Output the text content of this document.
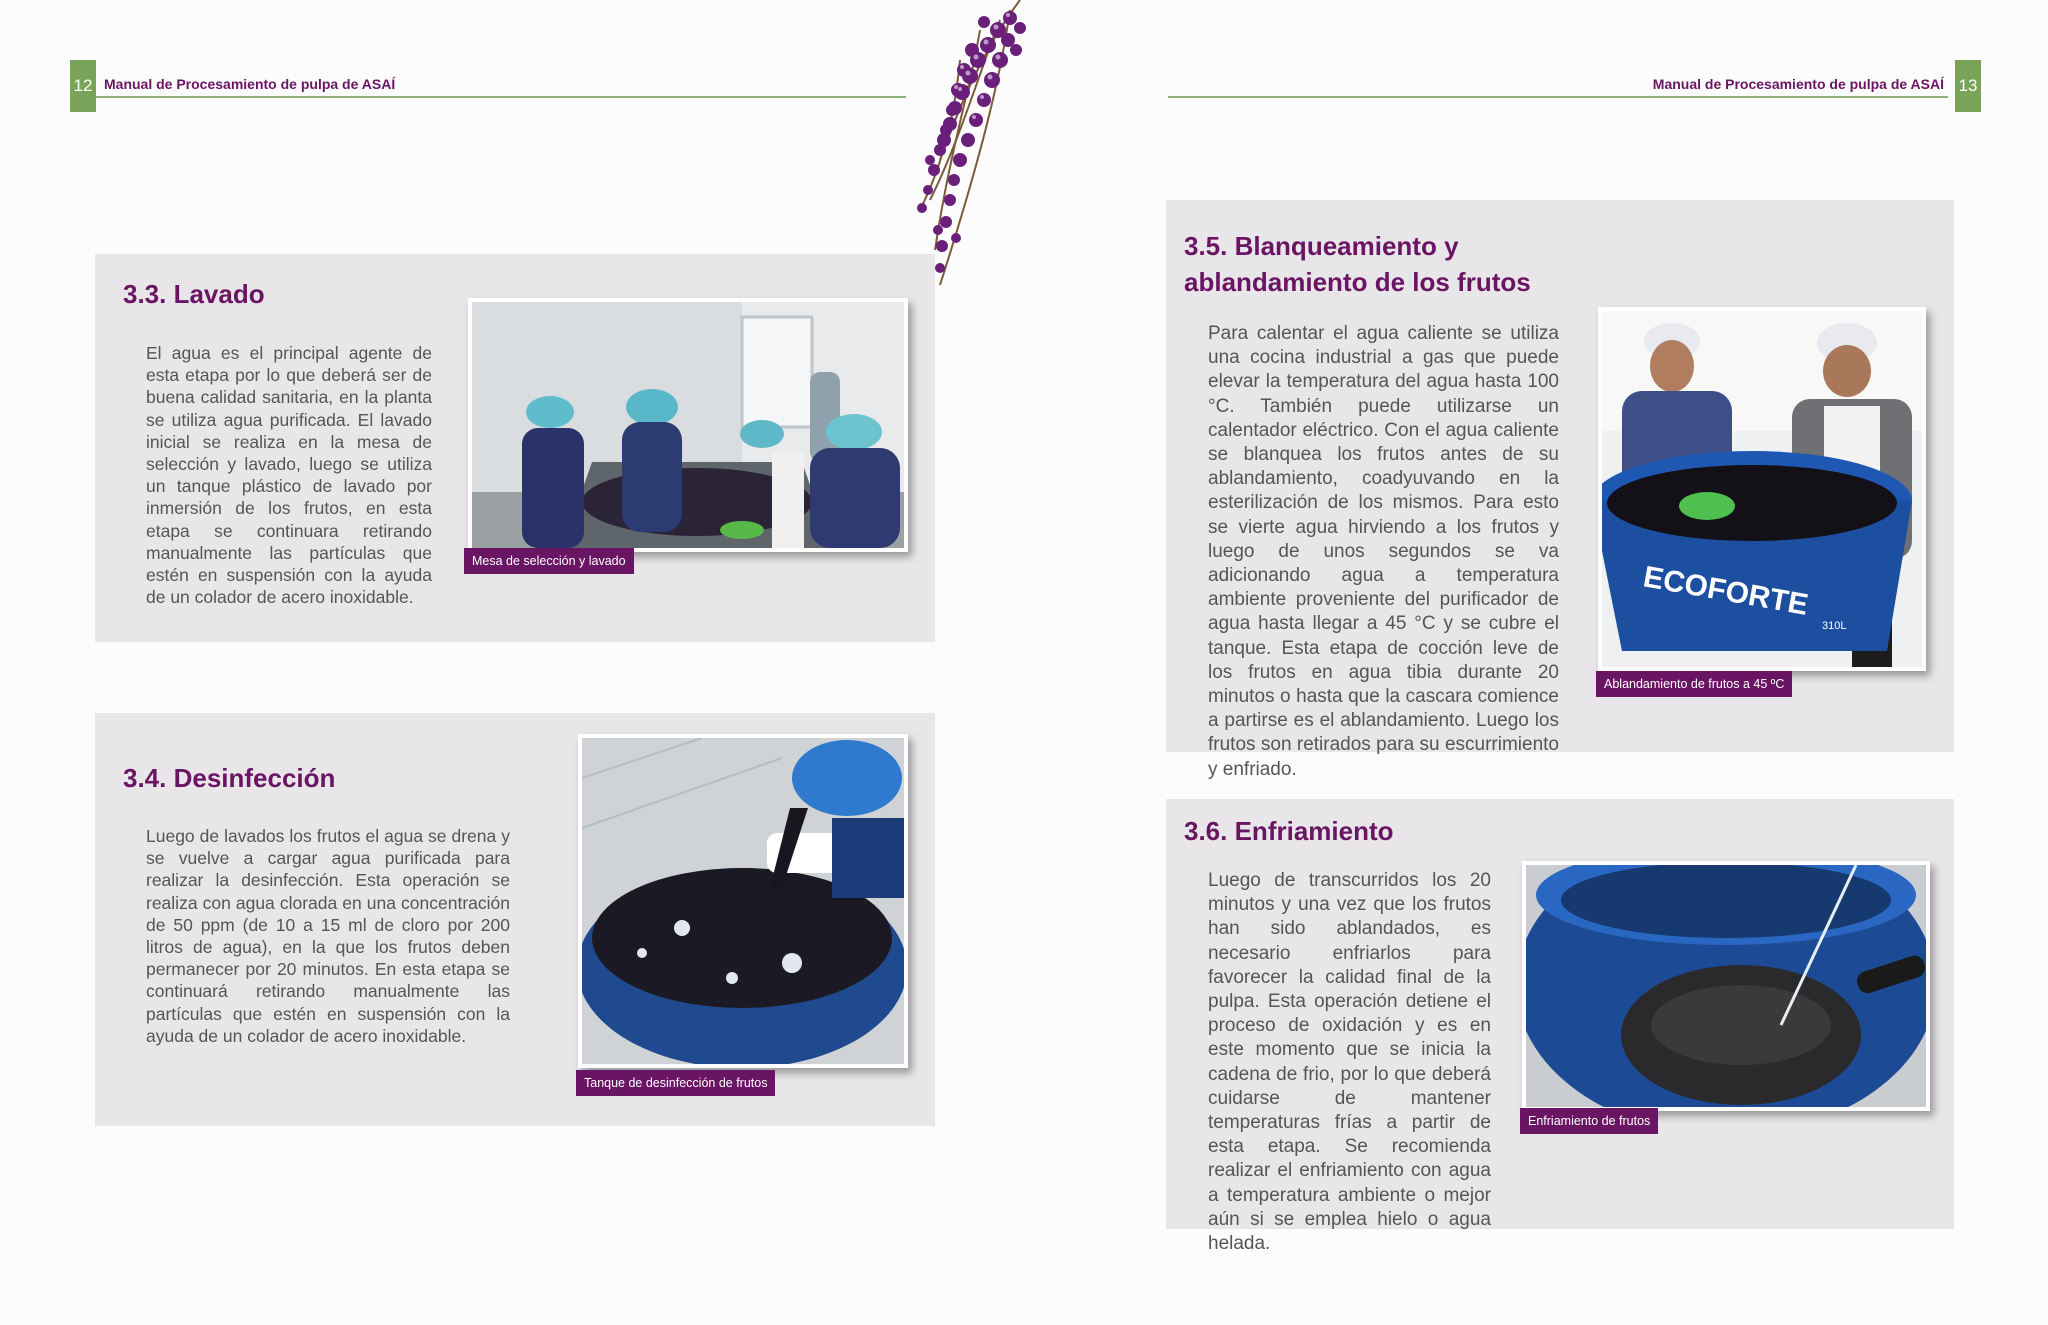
12 Manual de Procesamiento de pulpa de ASAÍ	Manual de Procesamiento de pulpa de ASAÍ 13
3.3. Lavado
El agua es el principal agente de esta etapa por lo que deberá ser de buena calidad sanitaria, en la planta se utiliza agua purificada. El lavado inicial se realiza en la mesa de selección y lavado, luego se utiliza un tanque plástico de lavado por inmersión de los frutos, en esta etapa se continuara retirando manualmente las partículas que estén en suspensión con la ayuda de un colador de acero inoxidable.
Mesa de selección y lavado
3.4. Desinfección
Luego de lavados los frutos el agua se drena y se vuelve a cargar agua purificada para realizar la desinfección. Esta operación se realiza con agua clorada en una concentración de 50 ppm (de 10 a 15 ml de cloro por 200 litros de agua), en la que los frutos deben permanecer por 20 minutos. En esta etapa se continuará retirando manualmente las partículas que estén en suspensión con la ayuda de un colador de acero inoxidable.
Tanque de desinfección de frutos
3.5. Blanqueamiento y
ablandamiento de los frutos
Para calentar el agua caliente se utiliza una cocina industrial a gas que puede elevar la temperatura del agua hasta 100 °C. También puede utilizarse un calentador eléctrico. Con el agua caliente se blanquea los frutos antes de su ablandamiento, coadyuvando en la esterilización de los mismos. Para esto se vierte agua hirviendo a los frutos y luego de unos segundos se va adicionando agua a temperatura ambiente proveniente del purificador de agua hasta llegar a 45 °C y se cubre el tanque. Esta etapa de cocción leve de los frutos en agua tibia durante 20 minutos o hasta que la cascara comience a partirse es el ablandamiento. Luego los frutos son retirados para su escurrimiento y enfriado.
ECOFORTE
310L
Ablandamiento de frutos a 45 ºC
3.6. Enfriamiento
Luego de transcurridos los 20 minutos y una vez que los frutos han sido ablandados, es necesario enfriarlos para favorecer la calidad final de la pulpa. Esta operación detiene el proceso de oxidación y es en este momento que se inicia la cadena de frio, por lo que deberá cuidarse de mantener temperaturas frías a partir de esta etapa. Se recomienda realizar el enfriamiento con agua a temperatura ambiente o mejor aún si se emplea hielo o agua helada.
Enfriamiento de frutos
